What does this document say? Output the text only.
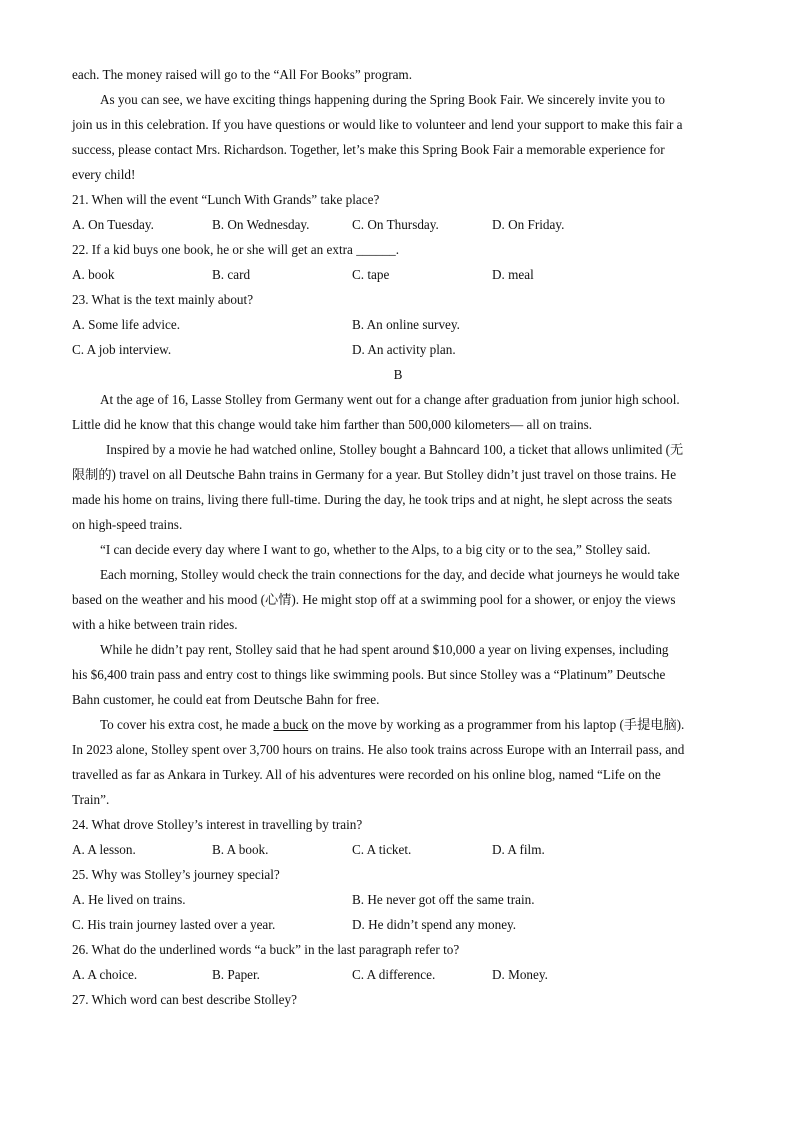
each. The money raised will go to the “All For Books” program.
As you can see, we have exciting things happening during the Spring Book Fair. We sincerely invite you to
join us in this celebration. If you have questions or would like to volunteer and lend your support to make this fair a
success, please contact Mrs. Richardson. Together, let’s make this Spring Book Fair a memorable experience for
every child!
21. When will the event “Lunch With Grands” take place?
A. On Tuesday.	B. On Wednesday.	C. On Thursday.	D. On Friday.
22. If a kid buys one book, he or she will get an extra ______.
A. book	B. card	C. tape	D. meal
23. What is the text mainly about?
A. Some life advice.	B. An online survey.
C. A job interview.	D. An activity plan.
B
At the age of 16, Lasse Stolley from Germany went out for a change after graduation from junior high school.
Little did he know that this change would take him farther than 500,000 kilometers— all on trains.
Inspired by a movie he had watched online, Stolley bought a Bahncard 100, a ticket that allows unlimited (无
限制的) travel on all Deutsche Bahn trains in Germany for a year. But Stolley didn’t just travel on those trains. He
made his home on trains, living there full-time. During the day, he took trips and at night, he slept across the seats
on high-speed trains.
“I can decide every day where I want to go, whether to the Alps, to a big city or to the sea,” Stolley said.
Each morning, Stolley would check the train connections for the day, and decide what journeys he would take
based on the weather and his mood (心情). He might stop off at a swimming pool for a shower, or enjoy the views
with a hike between train rides.
While he didn’t pay rent, Stolley said that he had spent around $10,000 a year on living expenses, including
his $6,400 train pass and entry cost to things like swimming pools. But since Stolley was a “Platinum” Deutsche
Bahn customer, he could eat from Deutsche Bahn for free.
To cover his extra cost, he made a buck on the move by working as a programmer from his laptop (手提电脑).
In 2023 alone, Stolley spent over 3,700 hours on trains. He also took trains across Europe with an Interrail pass, and
travelled as far as Ankara in Turkey. All of his adventures were recorded on his online blog, named “Life on the
Train”.
24. What drove Stolley’s interest in travelling by train?
A. A lesson.	B. A book.	C. A ticket.	D. A film.
25. Why was Stolley’s journey special?
A. He lived on trains.	B. He never got off the same train.
C. His train journey lasted over a year.	D. He didn’t spend any money.
26. What do the underlined words “a buck” in the last paragraph refer to?
A. A choice.	B. Paper.	C. A difference.	D. Money.
27. Which word can best describe Stolley?
